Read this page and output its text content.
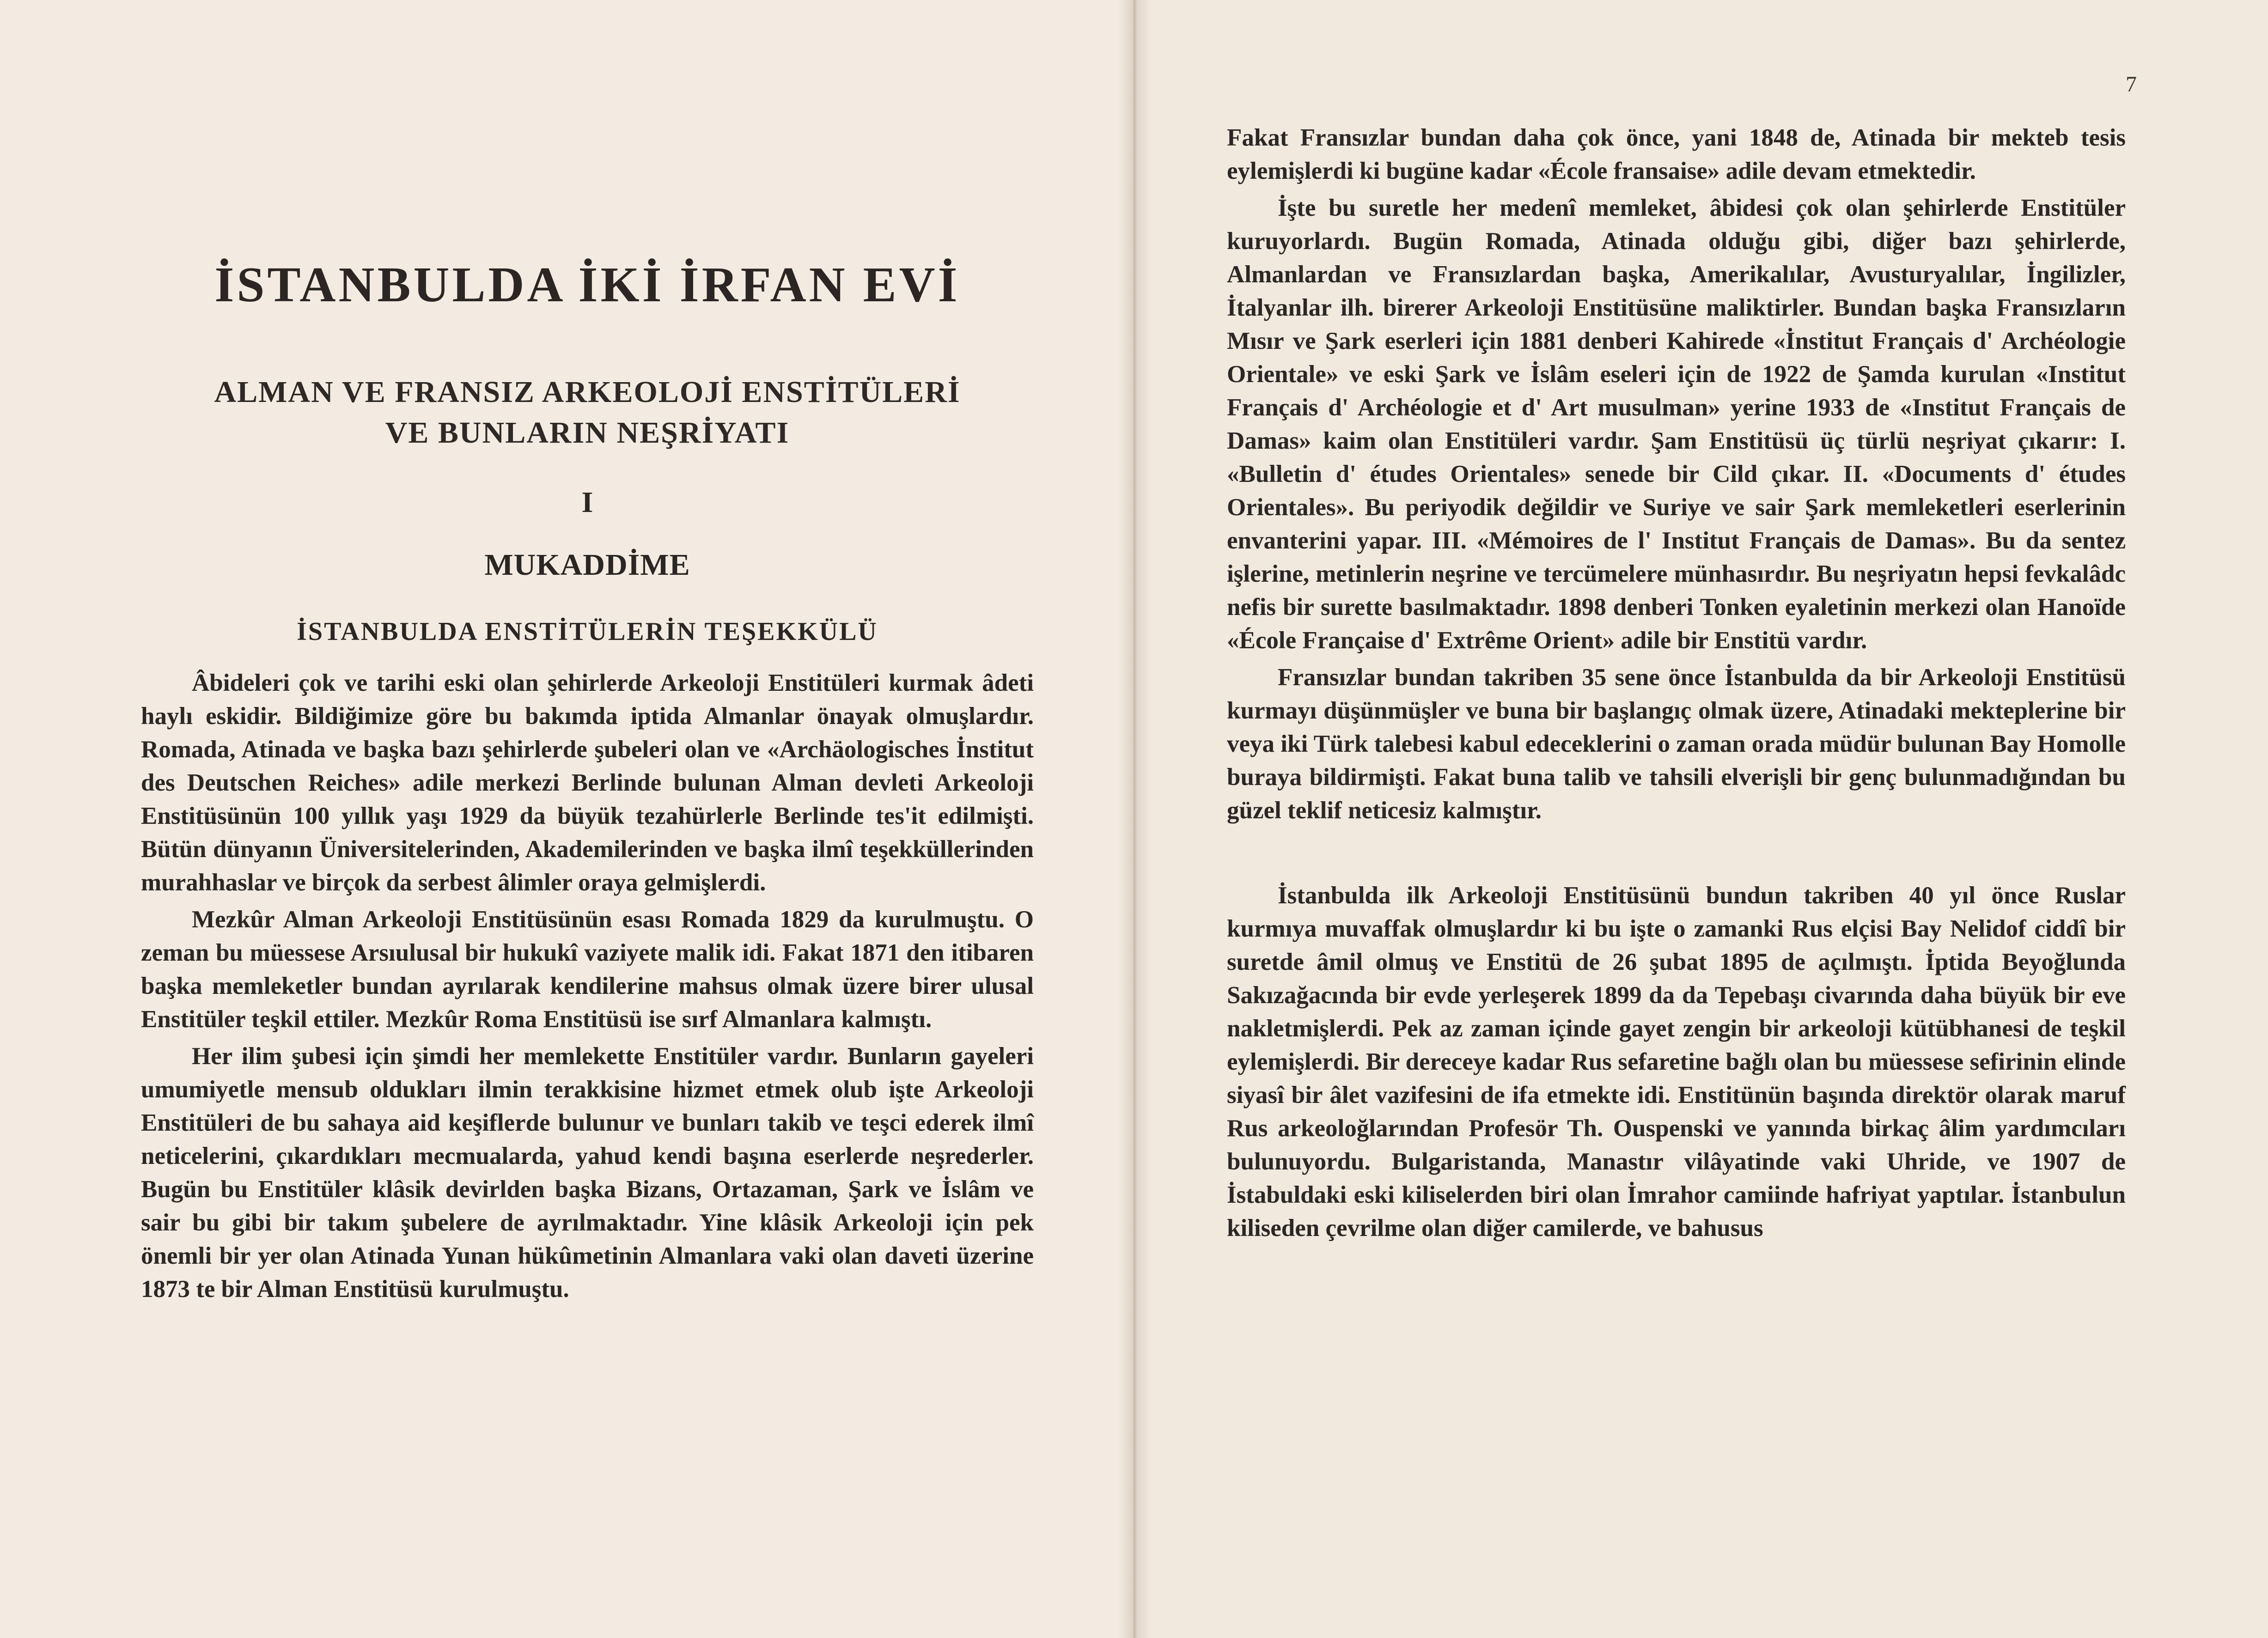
İSTANBULDA İKİ İRFAN EVİ
ALMAN VE FRANSIZ ARKEOLOJİ ENSTİTÜLERİ
VE BUNLARIN NEŞRİYATI
I
MUKADDİME
İSTANBULDA ENSTİTÜLERİN TEŞEKKÜLÜ

Âbideleri çok ve tarihi eski olan şehirlerde Arkeoloji Enstitüleri kurmak âdeti haylı eskidir. Bildiğimize göre bu bakımda iptida Almanlar önayak olmuşlardır. Romada, Atinada ve başka bazı şehirlerde şubeleri olan ve «Archäologisches İnstitut des Deutschen Reiches» adile merkezi Berlinde bulunan Alman devleti Arkeoloji Enstitüsünün 100 yıllık yaşı 1929 da büyük tezahürlerle Berlinde tes'it edilmişti. Bütün dünyanın Üniversitelerinden, Akademilerinden ve başka ilmî teşekküllerinden murahhaslar ve birçok da serbest âlimler oraya gelmişlerdi.

Mezkûr Alman Arkeoloji Enstitüsünün esası Romada 1829 da kurulmuştu. O zeman bu müessese Arsıulusal bir hukukî vaziyete malik idi. Fakat 1871 den itibaren başka memleketler bundan ayrılarak kendilerine mahsus olmak üzere birer ulusal Enstitüler teşkil ettiler. Mezkûr Roma Enstitüsü ise sırf Almanlara kalmıştı.

Her ilim şubesi için şimdi her memlekette Enstitüler vardır. Bunların gayeleri umumiyetle mensub oldukları ilmin terakkisine hizmet etmek olub işte Arkeoloji Enstitüleri de bu sahaya aid keşiflerde bulunur ve bunları takib ve teşci ederek ilmî neticelerini, çıkardıkları mecmualarda, yahud kendi başına eserlerde neşrederler. Bugün bu Enstitüler klâsik devirlden başka Bizans, Ortazaman, Şark ve İslâm ve sair bu gibi bir takım şubelere de ayrılmaktadır. Yine klâsik Arkeoloji için pek önemli bir yer olan Atinada Yunan hükûmetinin Almanlara vaki olan daveti üzerine 1873 te bir Alman Enstitüsü kurulmuştu.

7

Fakat Fransızlar bundan daha çok önce, yani 1848 de, Atinada bir mekteb tesis eylemişlerdi ki bugüne kadar «École fransaise» adile devam etmektedir.

İşte bu suretle her medenî memleket, âbidesi çok olan şehirlerde Enstitüler kuruyorlardı. Bugün Romada, Atinada olduğu gibi, diğer bazı şehirlerde, Almanlardan ve Fransızlardan başka, Amerikalılar, Avusturyalılar, İngilizler, İtalyanlar ilh. birerer Arkeoloji Enstitüsüne maliktirler. Bundan başka Fransızların Mısır ve Şark eserleri için 1881 denberi Kahirede «İnstitut Français d' Archéologie Orientale» ve eski Şark ve İslâm eseleri için de 1922 de Şamda kurulan «Institut Français d' Archéologie et d' Art musulman» yerine 1933 de «Institut Français de Damas» kaim olan Enstitüleri vardır. Şam Enstitüsü üç türlü neşriyat çıkarır: I. «Bulletin d' études Orientales» senede bir Cild çıkar. II. «Documents d' études Orientales». Bu periyodik değildir ve Suriye ve sair Şark memleketleri eserlerinin envanterini yapar. III. «Mémoires de l' Institut Français de Damas». Bu da sentez işlerine, metinlerin neşrine ve tercümelere münhasırdır. Bu neşriyatın hepsi fevkalâdc nefis bir surette basılmaktadır. 1898 denberi Tonken eyaletinin merkezi olan Hanoïde «École Française d' Extrême Orient» adile bir Enstitü vardır.

Fransızlar bundan takriben 35 sene önce İstanbulda da bir Arkeoloji Enstitüsü kurmayı düşünmüşler ve buna bir başlangıç olmak üzere, Atinadaki mekteplerine bir veya iki Türk talebesi kabul edeceklerini o zaman orada müdür bulunan Bay Homolle buraya bildirmişti. Fakat buna talib ve tahsili elverişli bir genç bulunmadığından bu güzel teklif neticesiz kalmıştır.

İstanbulda ilk Arkeoloji Enstitüsünü bundun takriben 40 yıl önce Ruslar kurmıya muvaffak olmuşlardır ki bu işte o zamanki Rus elçisi Bay Nelidof ciddî bir suretde âmil olmuş ve Enstitü de 26 şubat 1895 de açılmıştı. İptida Beyoğlunda Sakızağacında bir evde yerleşerek 1899 da da Tepebaşı civarında daha büyük bir eve nakletmişlerdi. Pek az zaman içinde gayet zengin bir arkeoloji kütübhanesi de teşkil eylemişlerdi. Bir dereceye kadar Rus sefaretine bağlı olan bu müessese sefirinin elinde siyasî bir âlet vazifesini de ifa etmekte idi. Enstitünün başında direktör olarak maruf Rus arkeoloğlarından Profesör Th. Ouspenski ve yanında birkaç âlim yardımcıları bulunuyordu. Bulgaristanda, Manastır vilâyatinde vaki Uhride, ve 1907 de İstabuldaki eski kiliselerden biri olan İmrahor camiinde hafriyat yaptılar. İstanbulun kiliseden çevrilme olan diğer camilerde, ve bahusus
